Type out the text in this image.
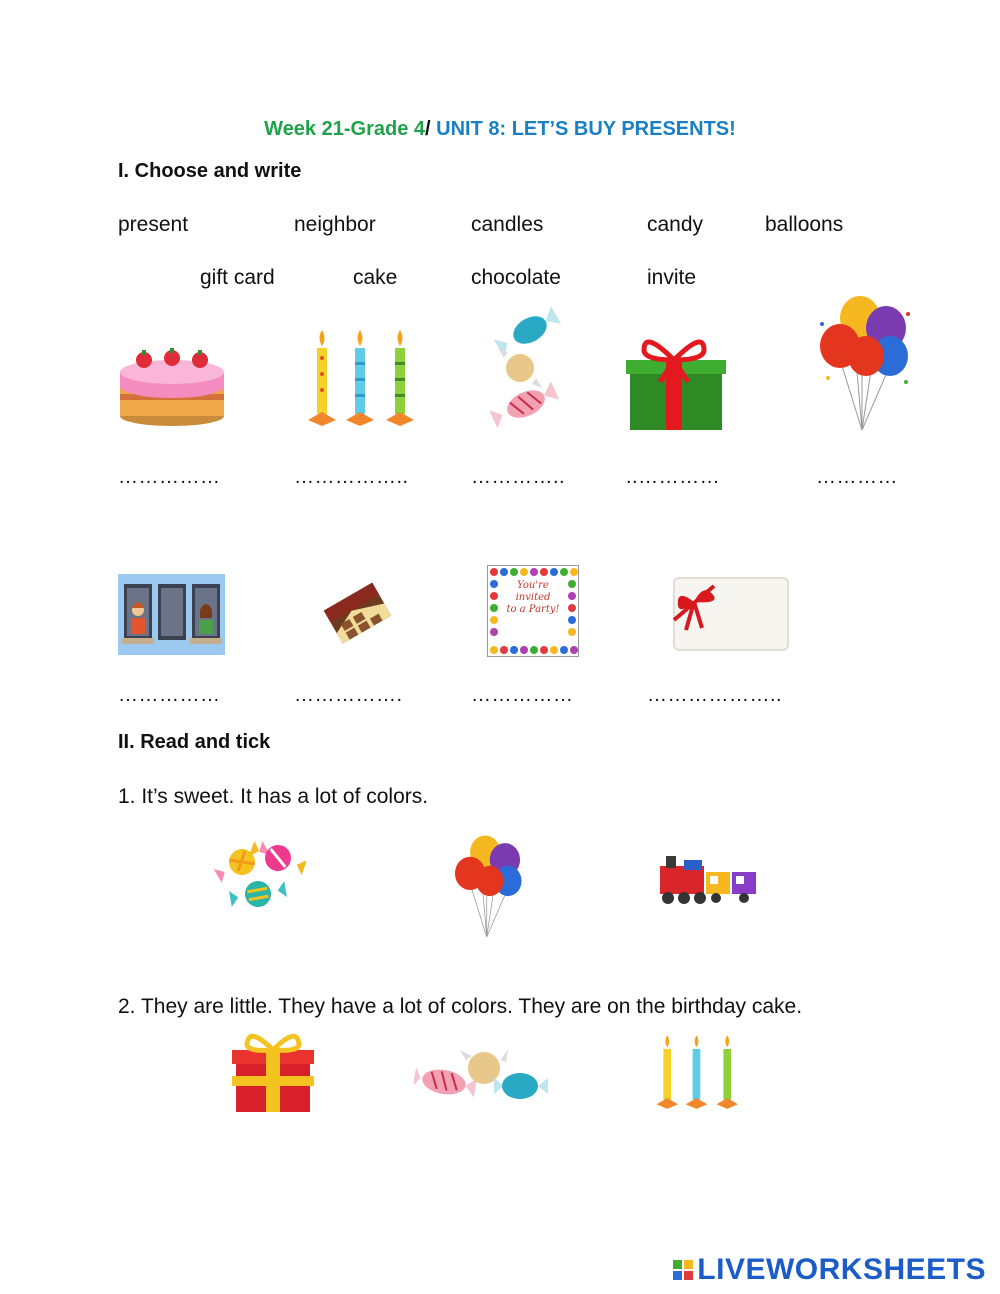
Week 21-Grade 4/ UNIT 8: LET’S BUY PRESENTS!
I. Choose and write
present	neighbor	candles	candy	balloons
gift card	cake	chocolate	invite
……………	……………..	…………..	..…………	…………
You're
invited
to a Party!
……………	…………….	……………	………………..
II. Read and tick
1. It’s sweet. It has a lot of colors.
2. They are little. They have a lot of colors. They are on the birthday cake.
LIVEWORKSHEETS
